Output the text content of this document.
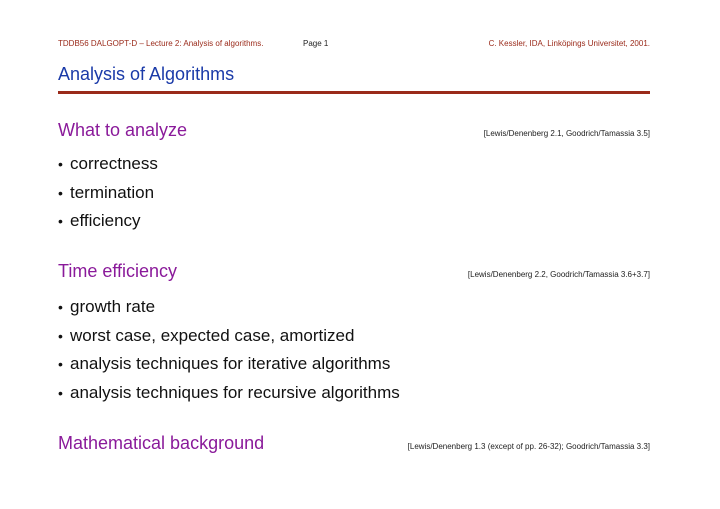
TDDB56 DALGOPT-D – Lecture 2: Analysis of algorithms.	Page 1	C. Kessler, IDA, Linköpings Universitet, 2001.
Analysis of Algorithms
What to analyze	[Lewis/Denenberg 2.1, Goodrich/Tamassia 3.5]
• correctness
• termination
• efficiency
Time efficiency	[Lewis/Denenberg 2.2, Goodrich/Tamassia 3.6+3.7]
• growth rate
• worst case, expected case, amortized
• analysis techniques for iterative algorithms
• analysis techniques for recursive algorithms
Mathematical background	[Lewis/Denenberg 1.3 (except of pp. 26-32); Goodrich/Tamassia 3.3]
